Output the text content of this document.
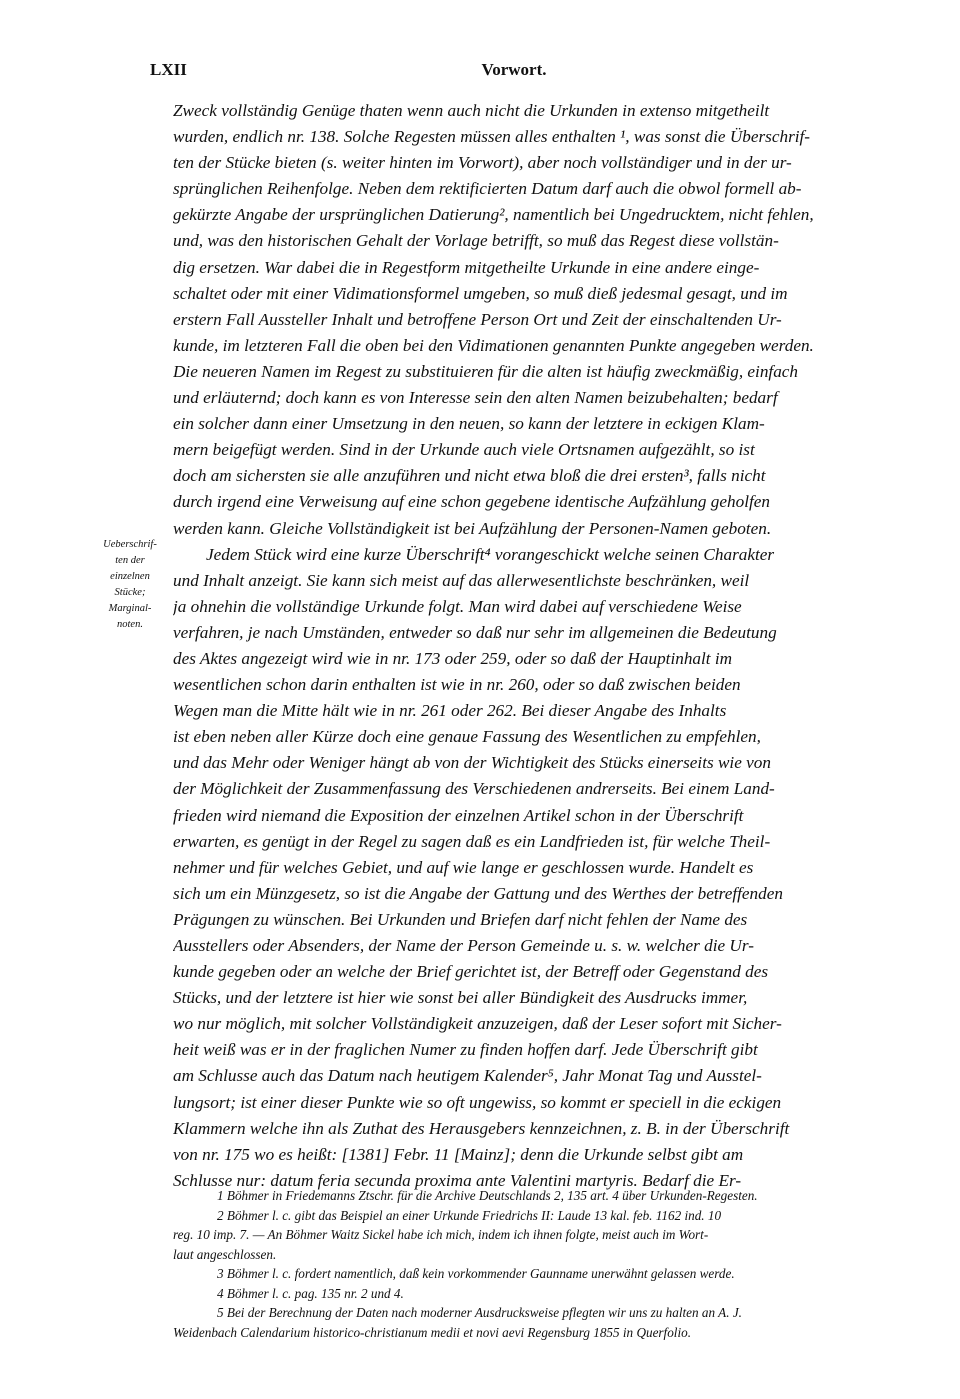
LXII	Vorwort.
Ueberschrif-
ten der
einzelnen
Stücke;
Marginal-
noten.
Zweck vollständig Genüge thaten wenn auch nicht die Urkunden in extenso mitgetheilt
wurden, endlich nr. 138. Solche Regesten müssen alles enthalten ¹, was sonst die Überschrif-
ten der Stücke bieten (s. weiter hinten im Vorwort), aber noch vollständiger und in der ur-
sprünglichen Reihenfolge. Neben dem rektificierten Datum darf auch die obwol formell ab-
gekürzte Angabe der ursprünglichen Datierung², namentlich bei Ungedrucktem, nicht fehlen,
und, was den historischen Gehalt der Vorlage betrifft, so muß das Regest diese vollstän-
dig ersetzen. War dabei die in Regestform mitgetheilte Urkunde in eine andere einge-
schaltet oder mit einer Vidimationsformel umgeben, so muß dieß jedesmal gesagt, und im
erstern Fall Aussteller Inhalt und betroffene Person Ort und Zeit der einschaltenden Ur-
kunde, im letzteren Fall die oben bei den Vidimationen genannten Punkte angegeben werden.
Die neueren Namen im Regest zu substituieren für die alten ist häufig zweckmäßig, einfach
und erläuternd; doch kann es von Interesse sein den alten Namen beizubehalten; bedarf
ein solcher dann einer Umsetzung in den neuen, so kann der letztere in eckigen Klam-
mern beigefügt werden. Sind in der Urkunde auch viele Ortsnamen aufgezählt, so ist
doch am sichersten sie alle anzuführen und nicht etwa bloß die drei ersten³, falls nicht
durch irgend eine Verweisung auf eine schon gegebene identische Aufzählung geholfen
werden kann. Gleiche Vollständigkeit ist bei Aufzählung der Personen-Namen geboten.
Jedem Stück wird eine kurze Überschrift⁴ vorangeschickt welche seinen Charakter
und Inhalt anzeigt. Sie kann sich meist auf das allerwesentlichste beschränken, weil
ja ohnehin die vollständige Urkunde folgt. Man wird dabei auf verschiedene Weise
verfahren, je nach Umständen, entweder so daß nur sehr im allgemeinen die Bedeutung
des Aktes angezeigt wird wie in nr. 173 oder 259, oder so daß der Hauptinhalt im
wesentlichen schon darin enthalten ist wie in nr. 260, oder so daß zwischen beiden
Wegen man die Mitte hält wie in nr. 261 oder 262. Bei dieser Angabe des Inhalts
ist eben neben aller Kürze doch eine genaue Fassung des Wesentlichen zu empfehlen,
und das Mehr oder Weniger hängt ab von der Wichtigkeit des Stücks einerseits wie von
der Möglichkeit der Zusammenfassung des Verschiedenen andrerseits. Bei einem Land-
frieden wird niemand die Exposition der einzelnen Artikel schon in der Überschrift
erwarten, es genügt in der Regel zu sagen daß es ein Landfrieden ist, für welche Theil-
nehmer und für welches Gebiet, und auf wie lange er geschlossen wurde. Handelt es
sich um ein Münzgesetz, so ist die Angabe der Gattung und des Werthes der betreffenden
Prägungen zu wünschen. Bei Urkunden und Briefen darf nicht fehlen der Name des
Ausstellers oder Absenders, der Name der Person Gemeinde u. s. w. welcher die Ur-
kunde gegeben oder an welche der Brief gerichtet ist, der Betreff oder Gegenstand des
Stücks, und der letztere ist hier wie sonst bei aller Bündigkeit des Ausdrucks immer,
wo nur möglich, mit solcher Vollständigkeit anzuzeigen, daß der Leser sofort mit Sicher-
heit weiß was er in der fraglichen Numer zu finden hoffen darf. Jede Überschrift gibt
am Schlusse auch das Datum nach heutigem Kalender⁵, Jahr Monat Tag und Ausstel-
lungsort; ist einer dieser Punkte wie so oft ungewiss, so kommt er speciell in die eckigen
Klammern welche ihn als Zuthat des Herausgebers kennzeichnen, z. B. in der Überschrift
von nr. 175 wo es heißt: [1381] Febr. 11 [Mainz]; denn die Urkunde selbst gibt am
Schlusse nur: datum feria secunda proxima ante Valentini martyris. Bedarf die Er-
1 Böhmer in Friedemanns Ztschr. für die Archive Deutschlands 2, 135 art. 4 über Urkunden-Regesten.
2 Böhmer l. c. gibt das Beispiel an einer Urkunde Friedrichs II: Laude 13 kal. feb. 1162 ind. 10
reg. 10 imp. 7. — An Böhmer Waitz Sickel habe ich mich, indem ich ihnen folgte, meist auch im Wort-
laut angeschlossen.
3 Böhmer l. c. fordert namentlich, daß kein vorkommender Gaunname unerwähnt gelassen werde.
4 Böhmer l. c. pag. 135 nr. 2 und 4.
5 Bei der Berechnung der Daten nach moderner Ausdrucksweise pflegten wir uns zu halten an A. J.
Weidenbach Calendarium historico-christianum medii et novi aevi Regensburg 1855 in Querfolio.
